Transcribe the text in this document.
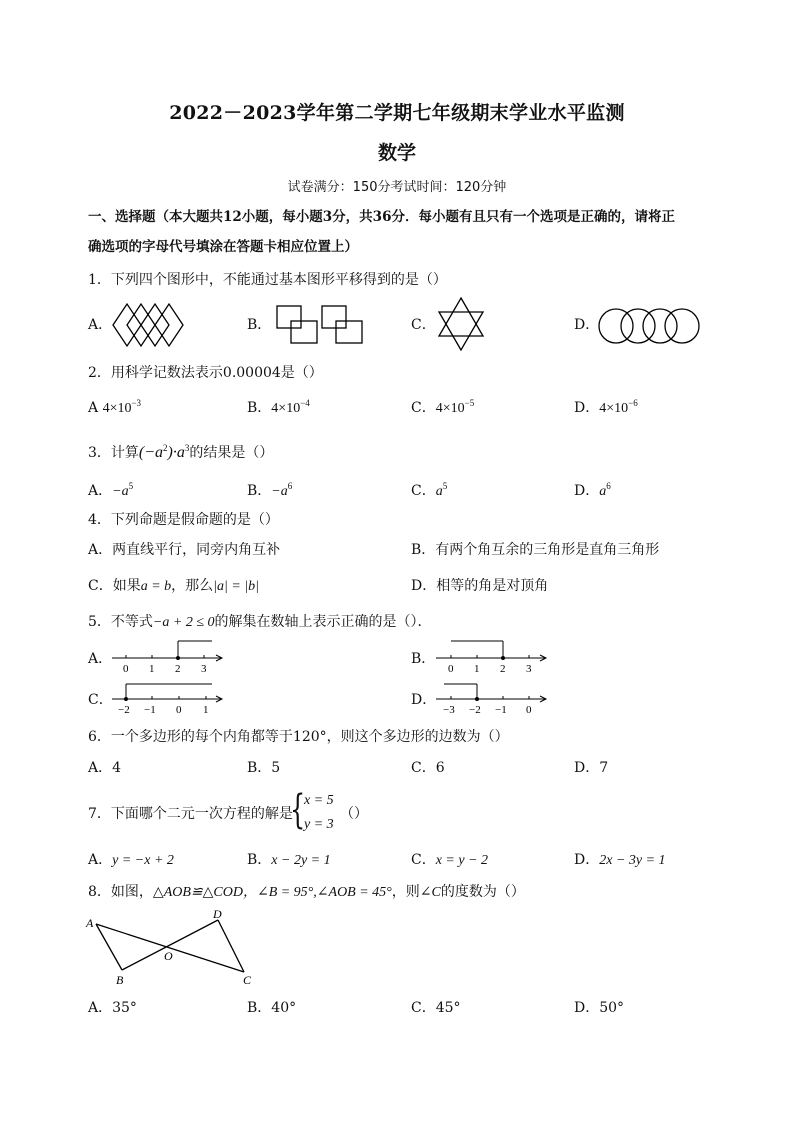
2022－2023学年第二学期七年级期末学业水平监测
数学
试卷满分：150分考试时间：120分钟
一、选择题（本大题共12小题，每小题3分，共36分．每小题有且只有一个选项是正确的，请将正
确选项的字母代号填涂在答题卡相应位置上）
1．下列四个图形中，不能通过基本图形平移得到的是（）
A．	B．	C．	D．
2．用科学记数法表示0.00004是（）
A $4\times 10^{-3}$	B．$4\times 10^{-4}$	C．$4\times 10^{-5}$	D．$4\times 10^{-6}$
3．计算$(-a^2)\cdot a^3$的结果是（）
A．$-a^5$	B．$-a^6$	C．$a^5$	D．$a^6$
4．下列命题是假命题的是（）
A．两直线平行，同旁内角互补	B．有两个角互余的三角形是直角三角形
C．如果a = b，那么|a| = |b|	D．相等的角是对顶角
5．不等式−a + 2 ≤ 0的解集在数轴上表示正确的是（）．
A．
0 1 2 3
B．
0 1 2 3
C．
−2 −1 0 1
D．
−3 −2 −1 0
6．一个多边形的每个内角都等于120°，则这个多边形的边数为（）
A．4	B．5	C．6	D．7
7．下面哪个二元一次方程的解是
{
x = 5
y = 3
（）
A．y = −x + 2	B．x − 2y = 1	C．x = y − 2	D．2x − 3y = 1
8．如图，△AOB≌△COD，∠B = 95°,∠AOB = 45°，则∠C的度数为（）
A
B
O
D
C
A．35°	B．40°	C．45°	D．50°
